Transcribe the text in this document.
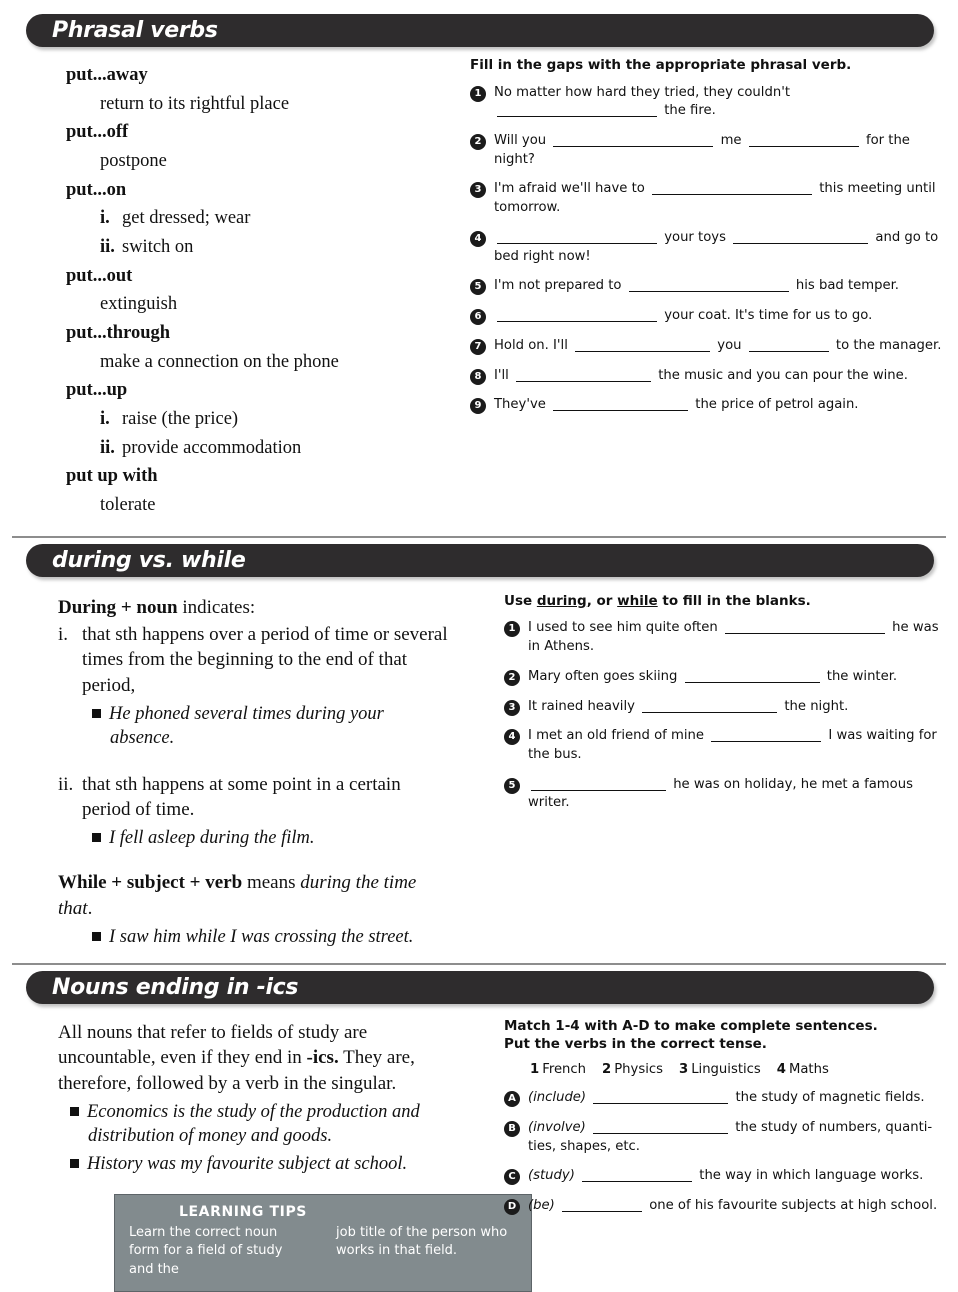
Phrasal verbs
put...away
return to its rightful place
put...off
postpone
put...on
i. get dressed; wear
ii. switch on
put...out
extinguish
put...through
make a connection on the phone
put...up
i. raise (the price)
ii. provide accommodation
put up with
tolerate
Fill in the gaps with the appropriate phrasal verb.
1 No matter how hard they tried, they couldn't  the fire.
2 Will you	me	for the night?
3 I'm afraid we'll have to	this meeting until tomorrow.
4	your toys	and go to bed right now!
5 I'm not prepared to	his bad temper.
6	your coat. It's time for us to go.
7 Hold on. I'll	you	to the manager.
8 I'll	the music and you can pour the wine.
9 They've	the price of petrol again.
during vs. while
During + noun indicates:
i. that sth happens over a period of time or several times from the beginning to the end of that period,
He phoned several times during your absence.
ii. that sth happens at some point in a certain period of time.
I fell asleep during the film.
While + subject + verb means during the time that.
I saw him while I was crossing the street.
Use during, or while to fill in the blanks.
1 I used to see him quite often	he was in Athens.
2 Mary often goes skiing	the winter.
3 It rained heavily	the night.
4 I met an old friend of mine	I was waiting for the bus.
5	he was on holiday, he met a famous writer.
Nouns ending in -ics
All nouns that refer to fields of study are uncountable, even if they end in -ics. They are, therefore, followed by a verb in the singular.
Economics is the study of the production and distribution of money and goods.
History was my favourite subject at school.
LEARNING TIPS
Learn the correct noun form for a field of study and the
job title of the person who works in that field.
Match 1-4 with A-D to make complete sentences.
Put the verbs in the correct tense.
1 French 2 Physics 3 Linguistics 4 Maths
A (include)	the study of magnetic fields.
B (involve)	the study of numbers, quanti-ties, shapes, etc.
C (study)	the way in which language works.
D (be)	one of his favourite subjects at high school.
